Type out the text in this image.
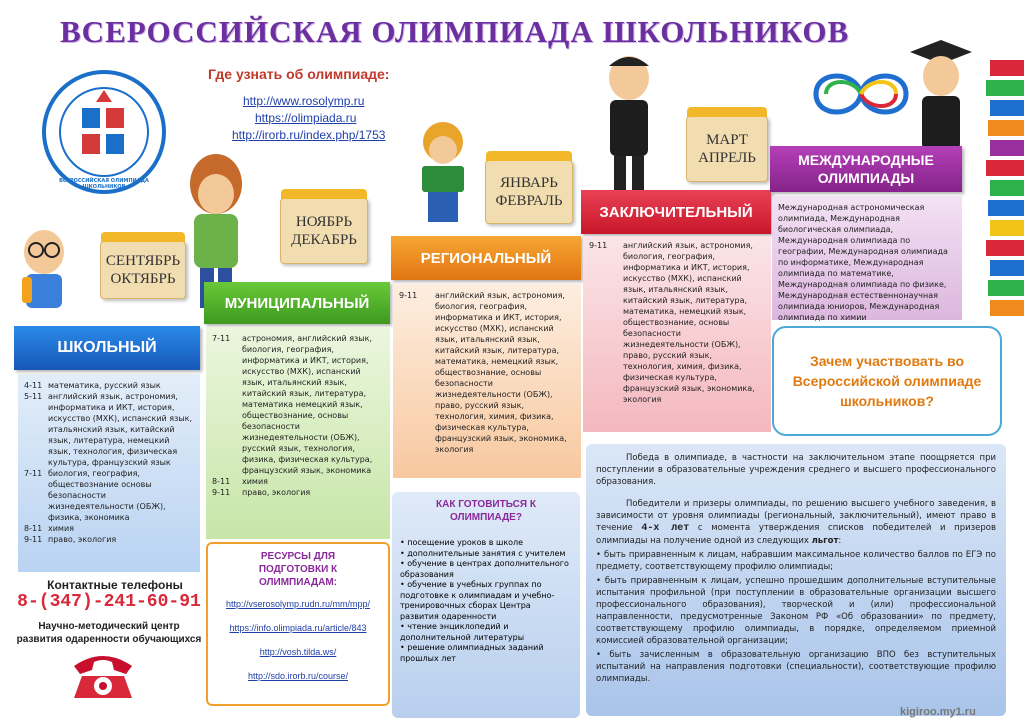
ВСЕРОССИЙСКАЯ ОЛИМПИАДА ШКОЛЬНИКОВ
ВСЕРОССИЙСКАЯ ОЛИМПИАДА ШКОЛЬНИКОВ
Где узнать об олимпиаде:
http://www.rosolymp.ru
https://olimpiada.ru
http://irorb.ru/index.php/1753
СЕНТЯБРЬ
ОКТЯБРЬ
НОЯБРЬ
ДЕКАБРЬ
ЯНВАРЬ
ФЕВРАЛЬ
МАРТ
АПРЕЛЬ
ШКОЛЬНЫЙ
4-11 математика, русский язык
5-11 английский язык, астрономия, информатика и ИКТ, история, искусство (МХК), испанский язык, итальянский язык, китайский язык, литература, немецкий язык, технология, физическая культура, французский язык
7-11 биология, география, обществознание основы безопасности жизнедеятельности (ОБЖ), физика, экономика
8-11 химия
9-11 право, экология
МУНИЦИПАЛЬНЫЙ
7-11	астрономия, английский язык, биология, география, информатика и ИКТ, история, искусство (МХК), испанский язык, итальянский язык, китайский язык, литература, математика немецкий язык, обществознание, основы безопасности жизнедеятельности (ОБЖ), русский язык, технология, физика, физическая культура, французский язык, экономика
8-11	химия
9-11	право, экология
РЕГИОНАЛЬНЫЙ
9-11	английский язык, астрономия, биология, география, информатика и ИКТ, история, искусство (МХК), испанский язык, итальянский язык, китайский язык, литература, математика, немецкий язык, обществознание, основы безопасности жизнедеятельности (ОБЖ), право, русский язык, технология, химия, физика, физическая культура, французский язык, экономика, экология
ЗАКЛЮЧИТЕЛЬНЫЙ
9-11	английский язык, астрономия, биология, география, информатика и ИКТ, история, искусство (МХК), испанский язык, итальянский язык, китайский язык, литература, математика, немецкий язык, обществознание, основы безопасности жизнедеятельности (ОБЖ), право, русский язык, технология, химия, физика, физическая культура, французский язык, экономика, экология
МЕЖДУНАРОДНЫЕ ОЛИМПИАДЫ
Международная астрономическая олимпиада, Международная биологическая олимпиада, Международная олимпиада по географии, Международная олимпиада по информатике, Международная олимпиада по математике, Международная олимпиада по физике, Международная естественнонаучная олимпиада юниоров, Международная олимпиада по химии
Зачем участвовать во Всероссийской олимпиаде школьников?
КАК ГОТОВИТЬСЯ К ОЛИМПИАДЕ?
• посещение уроков в школе
• дополнительные занятия с учителем
• обучение в центрах дополнительного образования
• обучение в учебных группах по подготовке к олимпиадам и учебно-тренировочных сборах Центра развития одаренности
• чтение энциклопедий и дополнительной литературы
• решение олимпиадных заданий прошлых лет
РЕСУРСЫ ДЛЯ ПОДГОТОВКИ К ОЛИМПИАДАМ:
http://vserosolymp.rudn.ru/mm/mpp/
https://info.olimpiada.ru/article/843
http://vosh.tilda.ws/
http://sdo.irorb.ru/course/
Контактные телефоны
8-(347)-241-60-91
Научно-методический центр развития одаренности обучающихся

Победа в олимпиаде, в частности на заключительном этапе поощряется при поступлении в образовательные учреждения среднего и высшего профессионального образования.

Победители и призеры олимпиады, по решению высшего учебного заведения, в зависимости от уровня олимпиады (региональный, заключительный), имеют право в течение 4-х лет с момента утверждения списков победителей и призеров олимпиады на получение одной из следующих льгот:

• быть приравненным к лицам, набравшим максимальное количество баллов по ЕГЭ по предмету, соответствующему профилю олимпиады;

• быть приравненным к лицам, успешно прошедшим дополнительные вступительные испытания профильной (при поступлении в образовательные организации высшего профессионального образования), творческой и (или) профессиональной направленности, предусмотренные Законом РФ «Об образовании» по предмету, соответствующему профилю олимпиады, в порядке, определяемом приемной комиссией образовательной организации;

• быть зачисленным в образовательную организацию ВПО без вступительных испытаний на направления подготовки (специальности), соответствующие профилю олимпиады.

kigiroo.my1.ru
